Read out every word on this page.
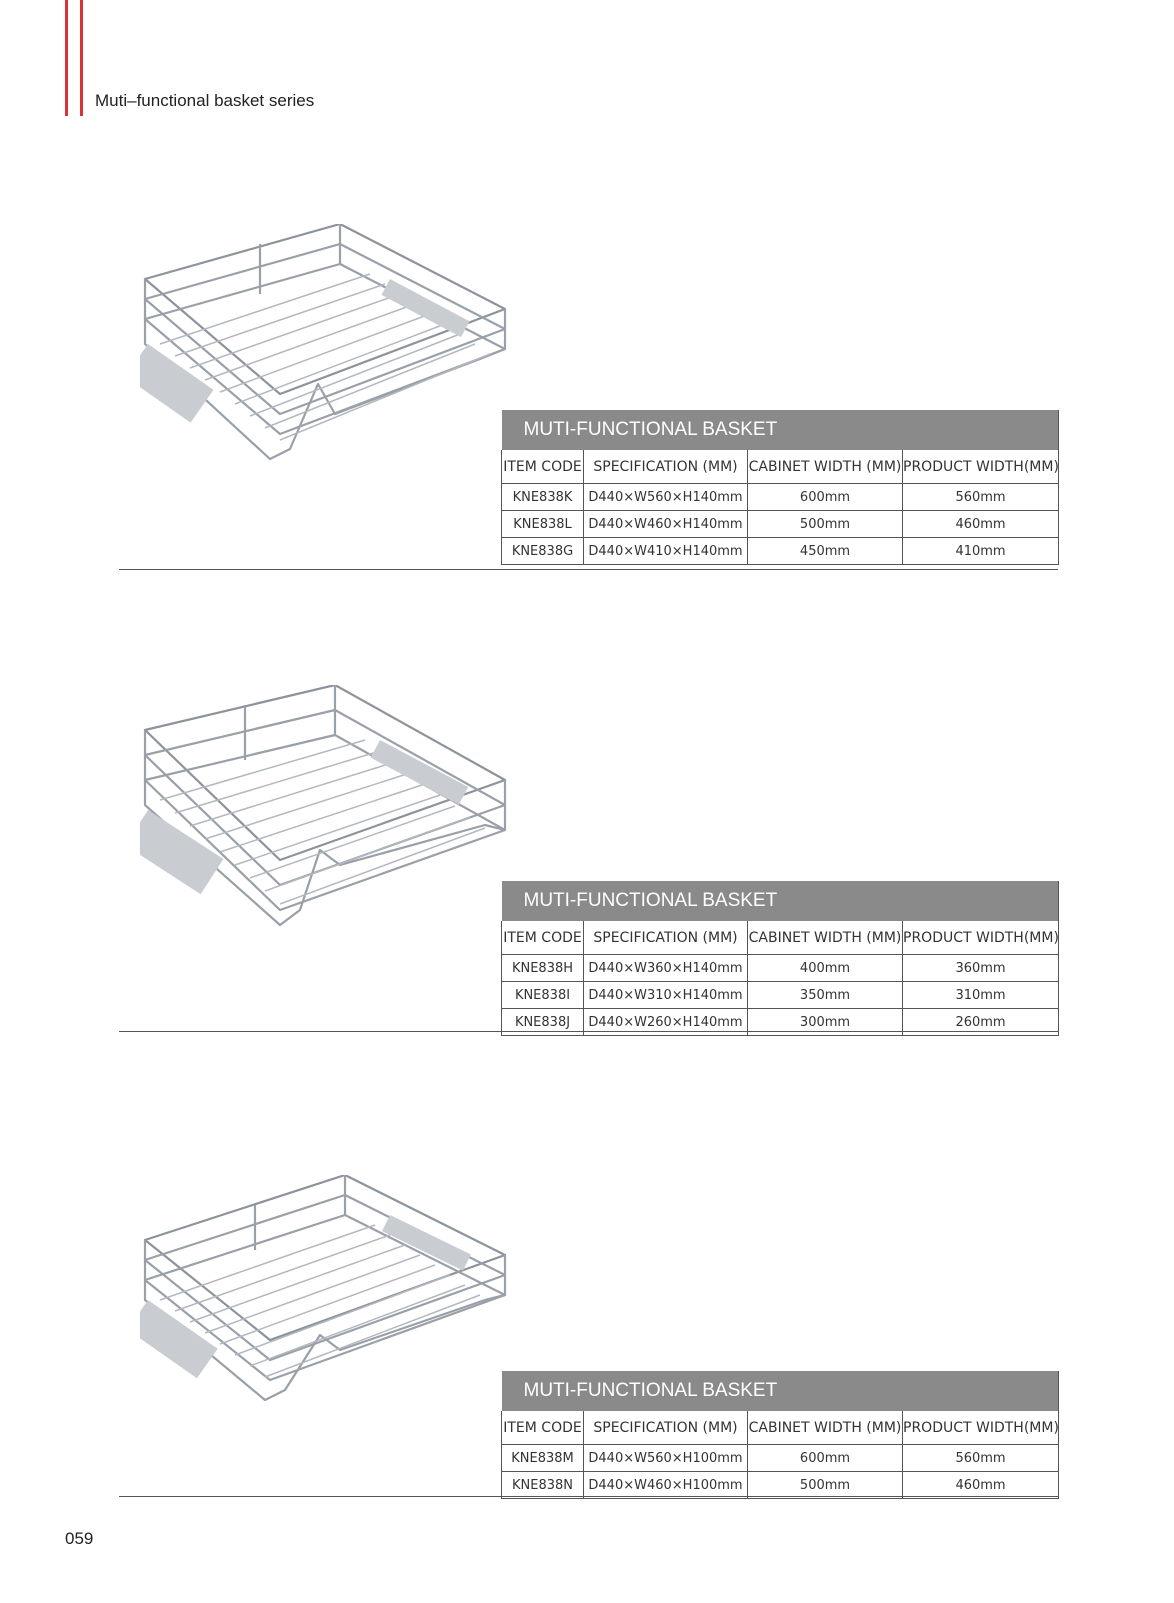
Muti–functional basket series
MUTI-FUNCTIONAL BASKET			
ITEM CODE	SPECIFICATION (MM)	CABINET WIDTH (MM)	PRODUCT WIDTH(MM)
KNE838K	D440×W560×H140mm	600mm	560mm
KNE838L	D440×W460×H140mm	500mm	460mm
KNE838G	D440×W410×H140mm	450mm	410mm
MUTI-FUNCTIONAL BASKET			
ITEM CODE	SPECIFICATION (MM)	CABINET WIDTH (MM)	PRODUCT WIDTH(MM)
KNE838H	D440×W360×H140mm	400mm	360mm
KNE838I	D440×W310×H140mm	350mm	310mm
KNE838J	D440×W260×H140mm	300mm	260mm
MUTI-FUNCTIONAL BASKET			
ITEM CODE	SPECIFICATION (MM)	CABINET WIDTH (MM)	PRODUCT WIDTH(MM)
KNE838M	D440×W560×H100mm	600mm	560mm
KNE838N	D440×W460×H100mm	500mm	460mm
059
